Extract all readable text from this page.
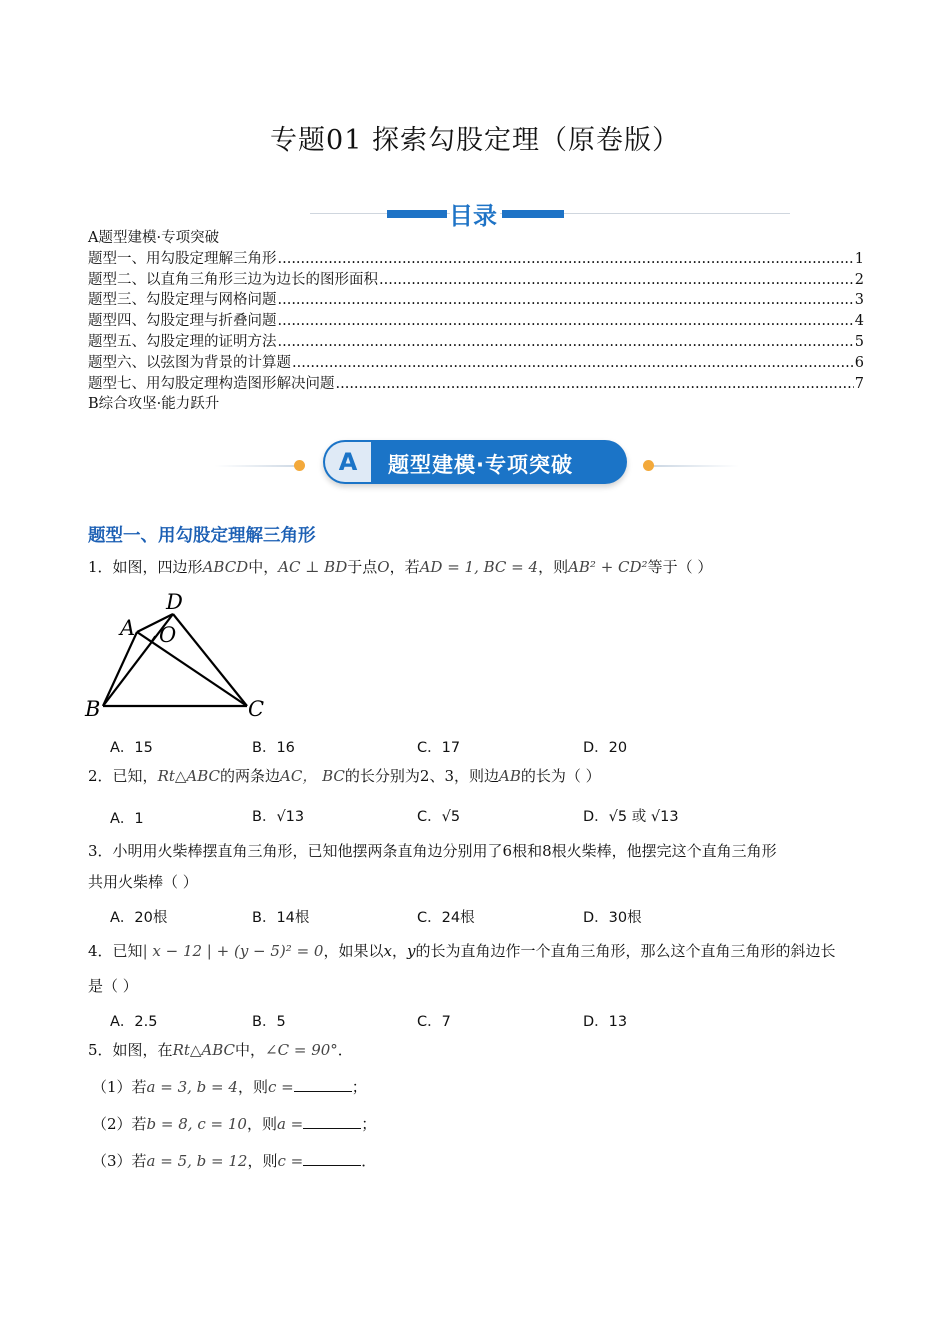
专题01 探索勾股定理（原卷版）
目录
A题型建模·专项突破
题型一、用勾股定理解三角形 .....	1
题型二、以直角三角形三边为边长的图形面积 .....	2
题型三、勾股定理与网格问题 .....	3
题型四、勾股定理与折叠问题 .....	4
题型五、勾股定理的证明方法 .....	5
题型六、以弦图为背景的计算题 .....	6
题型七、用勾股定理构造图形解决问题 .....	7
B综合攻坚·能力跃升
A	题型建模·专项突破
题型一、用勾股定理解三角形
1．如图，四边形ABCD中，AC ⊥ BD于点O，若AD = 1, BC = 4，则AB² + CD²等于（ ）
B	C
A
D
O
A．15	B．16	C．17	D．20
2．已知，Rt△ABC的两条边AC， BC的长分别为2、3，则边AB的长为（ ）
A．1	B．√13	C．√5	D．√5 或 √13
3．小明用火柴棒摆直角三角形，已知他摆两条直角边分别用了6根和8根火柴棒，他摆完这个直角三角形
共用火柴棒（ ）
A．20根	B．14根	C．24根	D．30根
4．已知| x − 12 | + (y − 5)² = 0，如果以x，y的长为直角边作一个直角三角形，那么这个直角三角形的斜边长
是（ ）
A．2.5	B．5	C．7	D．13
5．如图，在Rt△ABC中，∠C = 90°．
（1）若a = 3, b = 4，则c =	；
（2）若b = 8, c = 10，则a =	；
（3）若a = 5, b = 12，则c =	．
